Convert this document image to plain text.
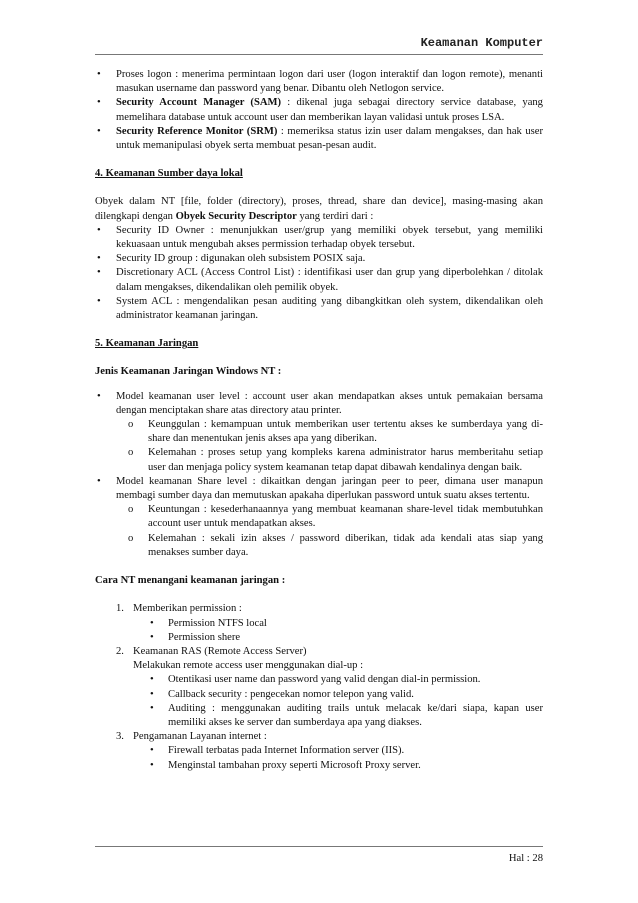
Keamanan Komputer
• Proses logon : menerima permintaan logon dari user (logon interaktif dan logon remote), menanti masukan username dan password yang benar. Dibantu oleh Netlogon service.
• Security Account Manager (SAM) : dikenal juga sebagai directory service database, yang memelihara database untuk account user dan memberikan layan validasi untuk proses LSA.
• Security Reference Monitor (SRM) : memeriksa status izin user dalam mengakses, dan hak user untuk memanipulasi obyek serta membuat pesan-pesan audit.

4. Keamanan Sumber daya lokal

Obyek dalam NT [file, folder (directory), proses, thread, share dan device], masing-masing akan dilengkapi dengan Obyek Security Descriptor yang terdiri dari :

• Security ID Owner : menunjukkan user/grup yang memiliki obyek tersebut, yang memiliki kekuasaan untuk mengubah akses permission terhadap obyek tersebut.
• Security ID group : digunakan oleh subsistem POSIX saja.
• Discretionary ACL (Access Control List) : identifikasi user dan grup yang diperbolehkan / ditolak dalam mengakses, dikendalikan oleh pemilik obyek.
• System ACL : mengendalikan pesan auditing yang dibangkitkan oleh system, dikendalikan oleh administrator keamanan jaringan.

5. Keamanan Jaringan

Jenis Keamanan Jaringan Windows NT :

• Model keamanan user level : account user akan mendapatkan akses untuk pemakaian bersama dengan menciptakan share atas directory atau printer.
o Keunggulan : kemampuan untuk memberikan user tertentu akses ke sumberdaya yang di-share dan menentukan jenis akses apa yang diberikan.
o Kelemahan : proses setup yang kompleks karena administrator harus memberitahu setiap user dan menjaga policy system keamanan tetap dapat dibawah kendalinya dengan baik.
• Model keamanan Share level : dikaitkan dengan jaringan peer to peer, dimana user manapun membagi sumber daya dan memutuskan apakaha diperlukan password untuk suatu akses tertentu.
o Keuntungan : kesederhanaannya yang membuat keamanan share-level tidak membutuhkan account user untuk mendapatkan akses.
o Kelemahan : sekali izin akses / password diberikan, tidak ada kendali atas siap yang menakses sumber daya.

Cara NT menangani keamanan jaringan :

1. Memberikan permission :
• Permission NTFS local
• Permission shere
2. Keamanan RAS (Remote Access Server)
Melakukan remote access user menggunakan dial-up :
• Otentikasi user name dan password yang valid dengan dial-in permission.
• Callback security : pengecekan nomor telepon yang valid.
• Auditing : menggunakan auditing trails untuk melacak ke/dari siapa, kapan user memiliki akses ke server dan sumberdaya apa yang diakses.
3. Pengamanan Layanan internet :
• Firewall terbatas pada Internet Information server (IIS).
• Menginstal tambahan proxy seperti Microsoft Proxy server.
Hal : 28
